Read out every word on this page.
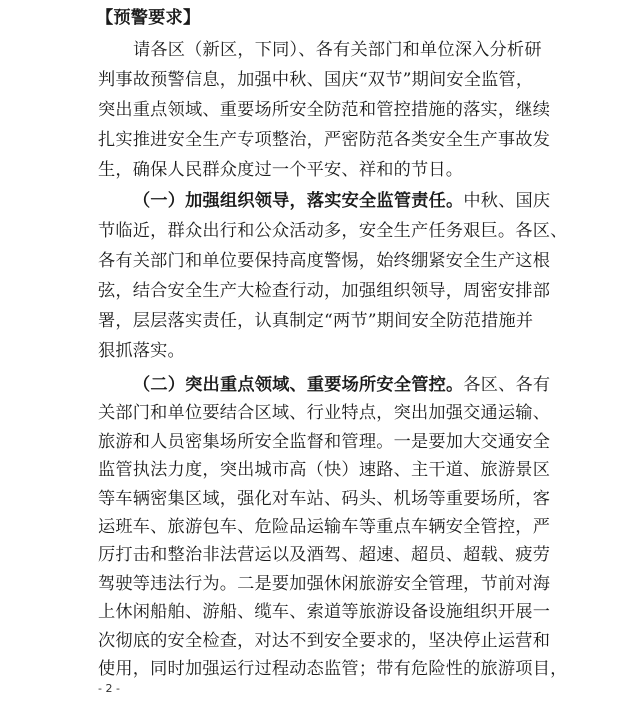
【预警要求】
请各区（新区，下同）、各有关部门和单位深入分析研
判事故预警信息，加强中秋、国庆“双节”期间安全监管，
突出重点领域、重要场所安全防范和管控措施的落实，继续
扎实推进安全生产专项整治，严密防范各类安全生产事故发
生，确保人民群众度过一个平安、祥和的节日。
（一）加强组织领导，落实安全监管责任。中秋、国庆
节临近，群众出行和公众活动多，安全生产任务艰巨。各区、
各有关部门和单位要保持高度警惕，始终绷紧安全生产这根
弦，结合安全生产大检查行动，加强组织领导，周密安排部
署，层层落实责任，认真制定“两节”期间安全防范措施并
狠抓落实。
（二）突出重点领域、重要场所安全管控。各区、各有
关部门和单位要结合区域、行业特点，突出加强交通运输、
旅游和人员密集场所安全监督和管理。一是要加大交通安全
监管执法力度，突出城市高（快）速路、主干道、旅游景区
等车辆密集区域，强化对车站、码头、机场等重要场所，客
运班车、旅游包车、危险品运输车等重点车辆安全管控，严
厉打击和整治非法营运以及酒驾、超速、超员、超载、疲劳
驾驶等违法行为。二是要加强休闲旅游安全管理，节前对海
上休闲船舶、游船、缆车、索道等旅游设备设施组织开展一
次彻底的安全检查，对达不到安全要求的，坚决停止运营和
使用，同时加强运行过程动态监管；带有危险性的旅游项目，
- 2 -
